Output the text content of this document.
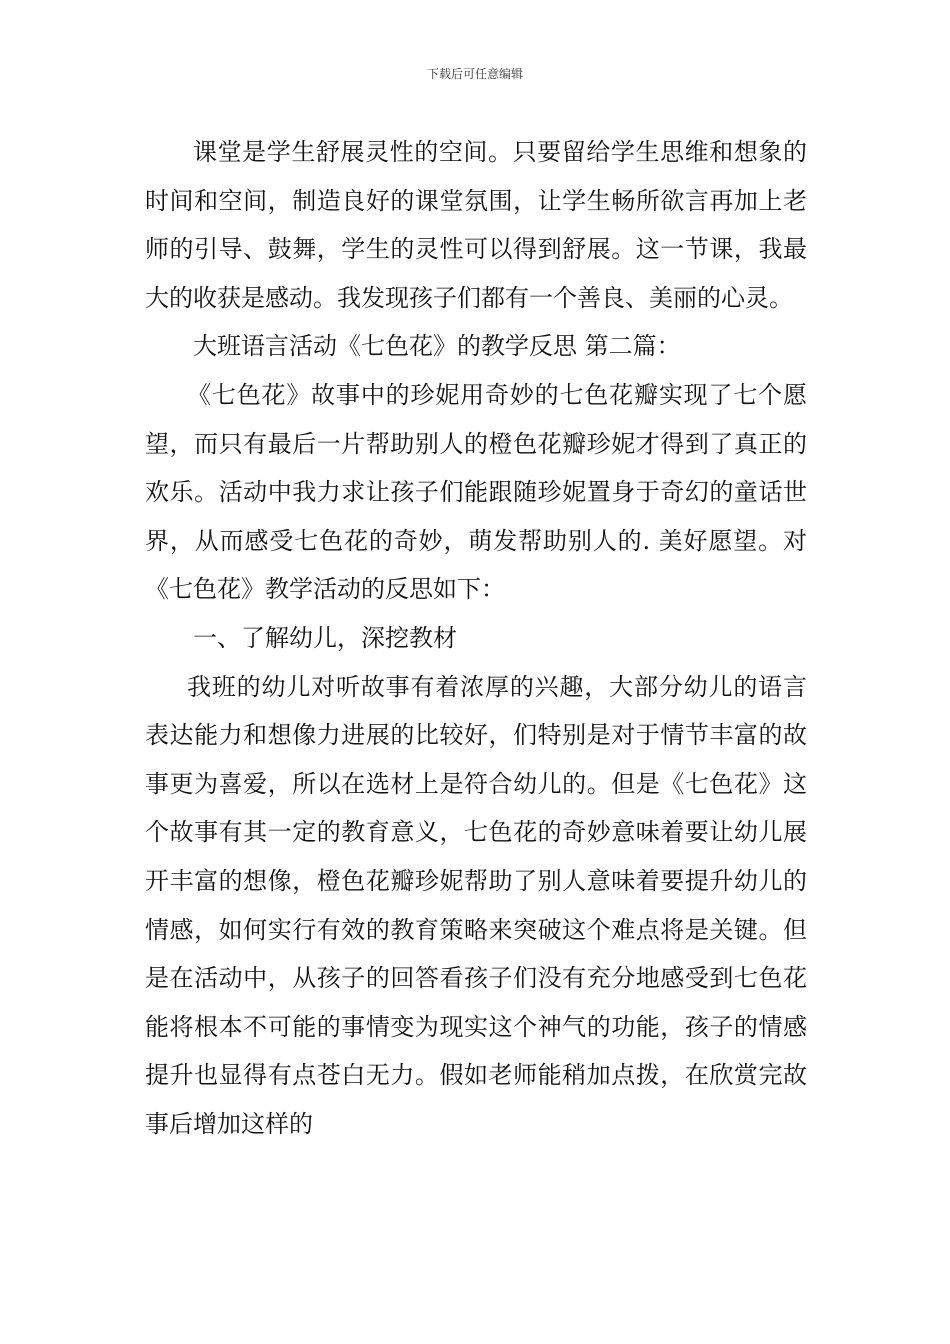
下载后可任意编辑

课堂是学生舒展灵性的空间。只要留给学生思维和想象的时间和空间，制造良好的课堂氛围，让学生畅所欲言再加上老师的引导、鼓舞，学生的灵性可以得到舒展。这一节课，我最大的收获是感动。我发现孩子们都有一个善良、美丽的心灵。

大班语言活动《七色花》的教学反思 第二篇：

《七色花》故事中的珍妮用奇妙的七色花瓣实现了七个愿望，而只有最后一片帮助别人的橙色花瓣珍妮才得到了真正的欢乐。活动中我力求让孩子们能跟随珍妮置身于奇幻的童话世界，从而感受七色花的奇妙，萌发帮助别人的. 美好愿望。对《七色花》教学活动的反思如下：

一、了解幼儿，深挖教材

我班的幼儿对听故事有着浓厚的兴趣，大部分幼儿的语言表达能力和想像力进展的比较好，们特别是对于情节丰富的故事更为喜爱，所以在选材上是符合幼儿的。但是《七色花》这个故事有其一定的教育意义，七色花的奇妙意味着要让幼儿展开丰富的想像，橙色花瓣珍妮帮助了别人意味着要提升幼儿的情感，如何实行有效的教育策略来突破这个难点将是关键。但是在活动中，从孩子的回答看孩子们没有充分地感受到七色花能将根本不可能的事情变为现实这个神气的功能，孩子的情感提升也显得有点苍白无力。假如老师能稍加点拨，在欣赏完故事后增加这样的
